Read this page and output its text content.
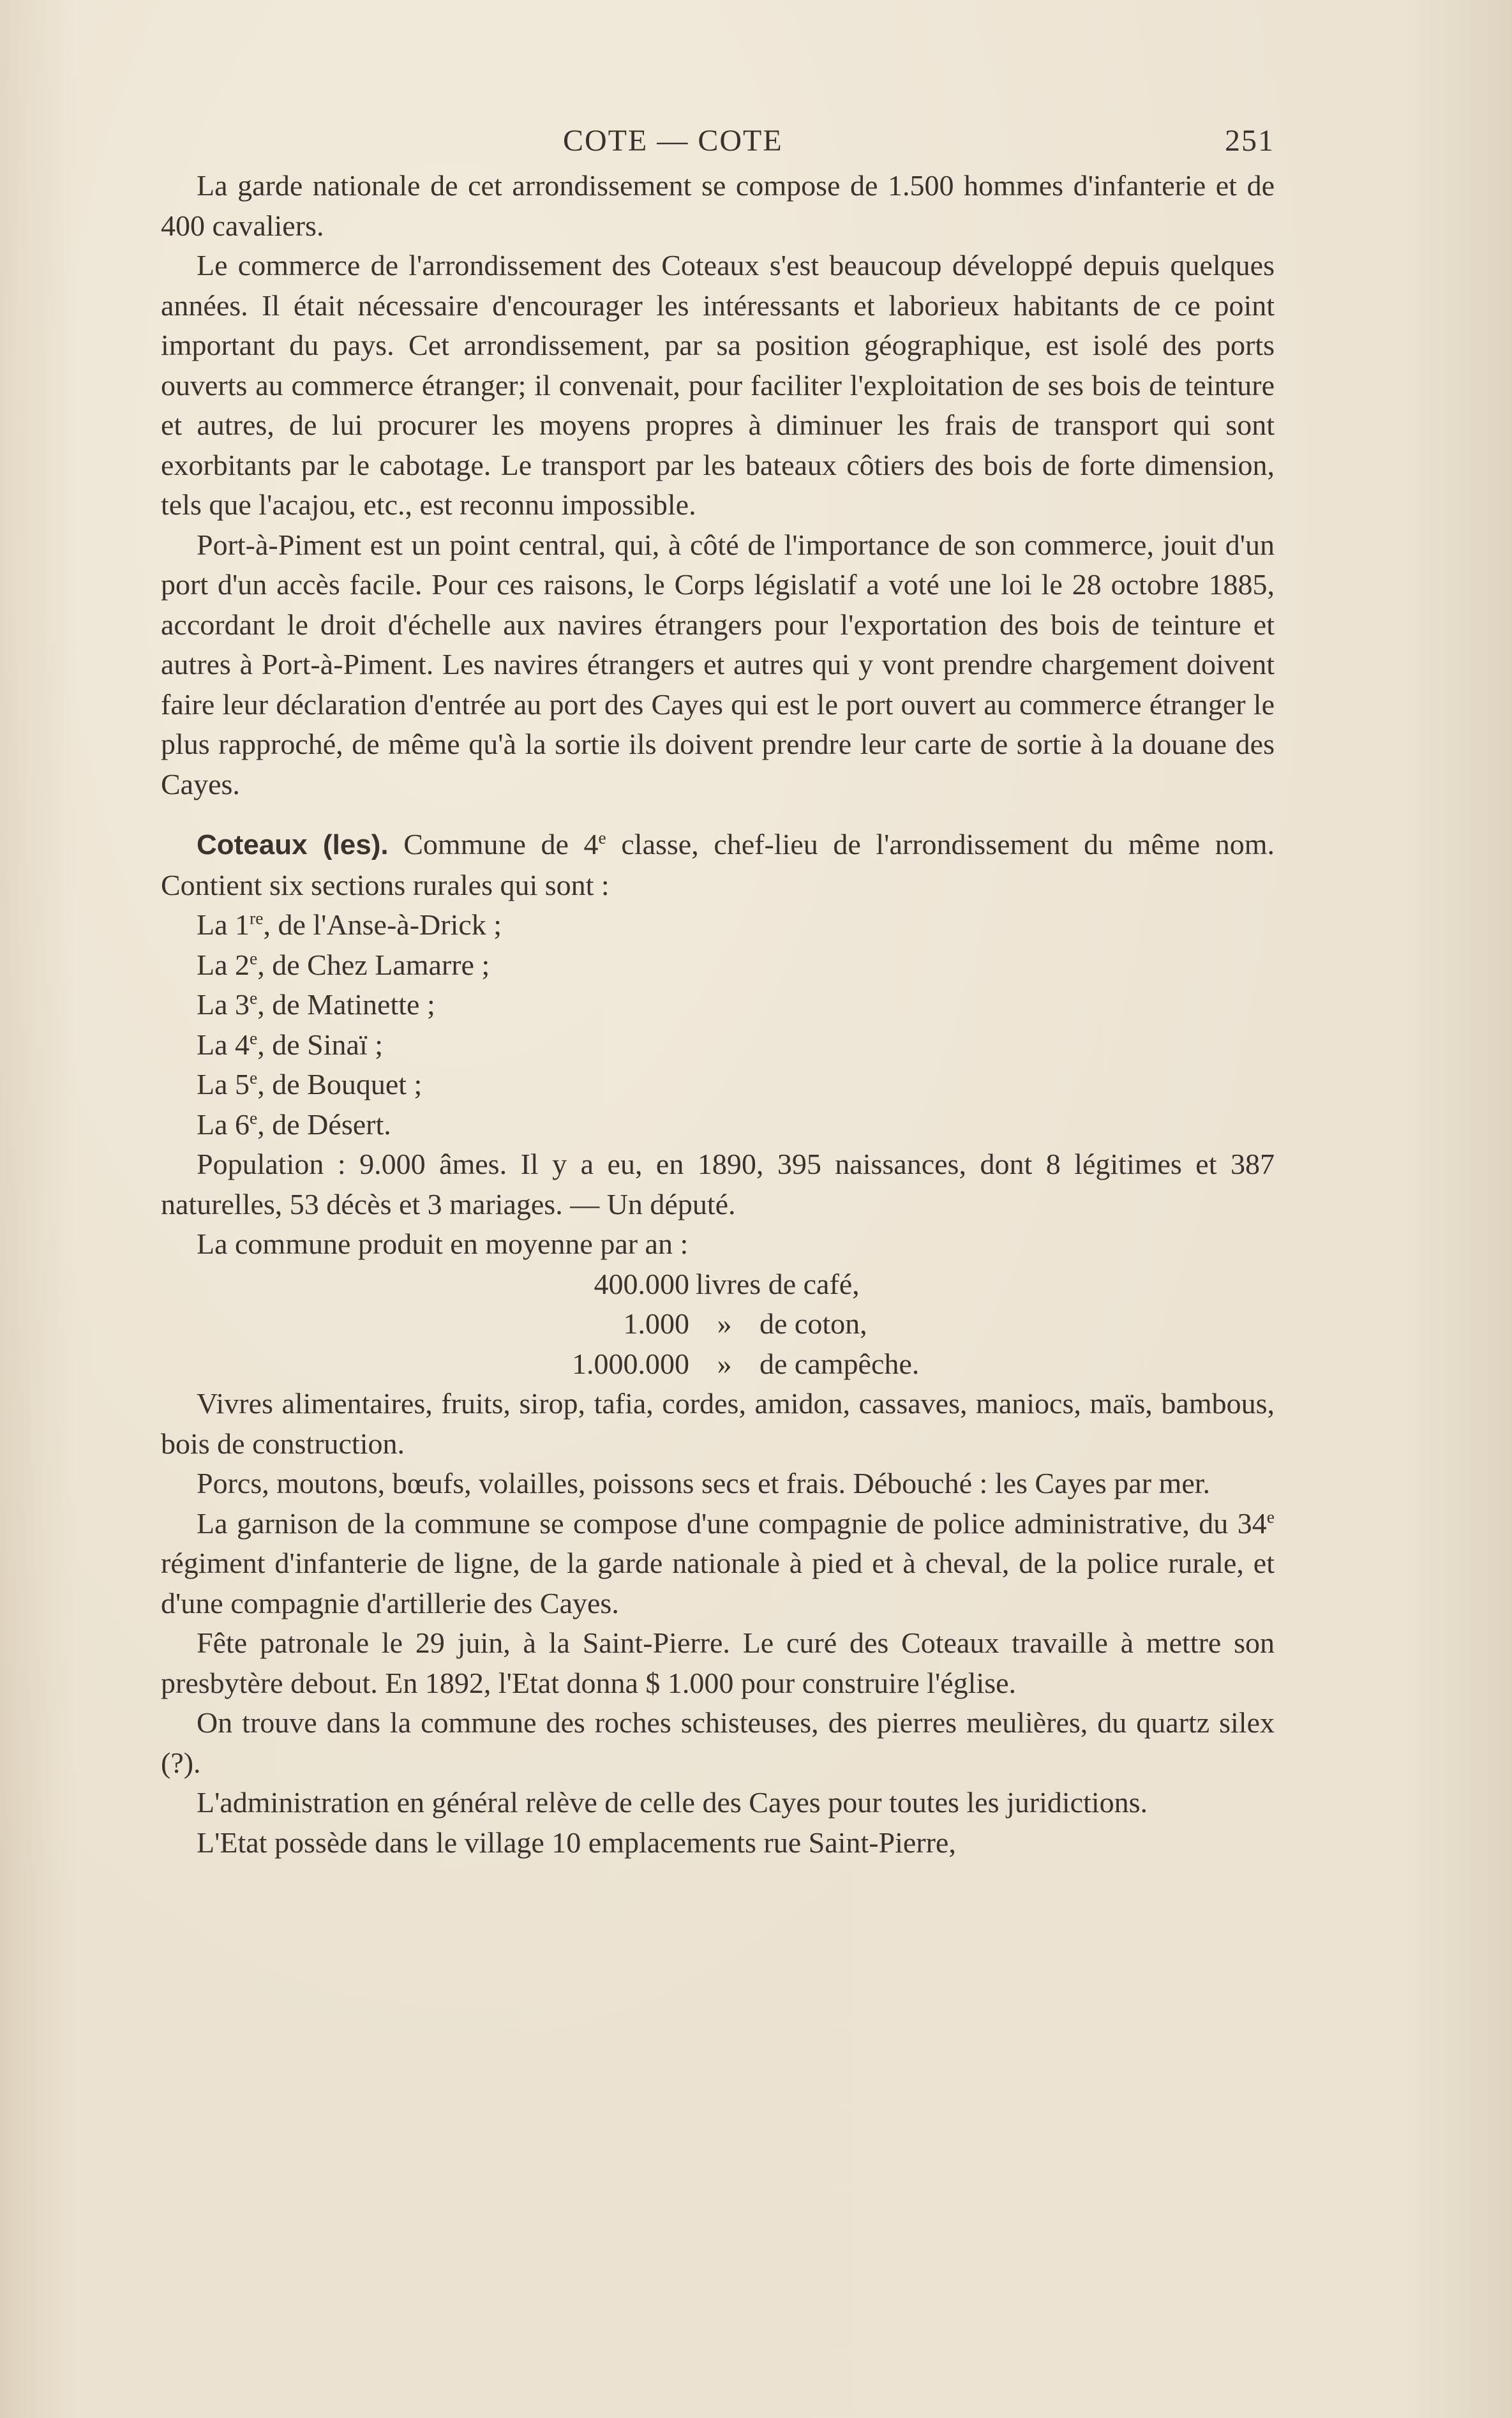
COTE — COTE	251

La garde nationale de cet arrondissement se compose de 1.500 hommes d'infanterie et de 400 cavaliers.

Le commerce de l'arrondissement des Coteaux s'est beaucoup développé depuis quelques années. Il était nécessaire d'encourager les intéressants et laborieux habitants de ce point important du pays. Cet arrondissement, par sa position géographique, est isolé des ports ouverts au commerce étranger; il convenait, pour faciliter l'exploitation de ses bois de teinture et autres, de lui procurer les moyens propres à diminuer les frais de transport qui sont exorbitants par le cabotage. Le transport par les bateaux côtiers des bois de forte dimension, tels que l'acajou, etc., est reconnu impossible.

Port-à-Piment est un point central, qui, à côté de l'importance de son commerce, jouit d'un port d'un accès facile. Pour ces raisons, le Corps législatif a voté une loi le 28 octobre 1885, accordant le droit d'échelle aux navires étrangers pour l'exportation des bois de teinture et autres à Port-à-Piment. Les navires étrangers et autres qui y vont prendre chargement doivent faire leur déclaration d'entrée au port des Cayes qui est le port ouvert au commerce étranger le plus rapproché, de même qu'à la sortie ils doivent prendre leur carte de sortie à la douane des Cayes.

Coteaux (les). Commune de 4e classe, chef-lieu de l'arrondissement du même nom. Contient six sections rurales qui sont :

La 1re, de l'Anse-à-Drick ;
La 2e, de Chez Lamarre ;
La 3e, de Matinette ;
La 4e, de Sinaï ;
La 5e, de Bouquet ;
La 6e, de Désert.

Population : 9.000 âmes. Il y a eu, en 1890, 395 naissances, dont 8 légitimes et 387 naturelles, 53 décès et 3 mariages. — Un député.

La commune produit en moyenne par an :

400.000 livres de café,
1.000 » de coton,
1.000.000 » de campêche.

Vivres alimentaires, fruits, sirop, tafia, cordes, amidon, cassaves, maniocs, maïs, bambous, bois de construction.

Porcs, moutons, bœufs, volailles, poissons secs et frais. Débouché : les Cayes par mer.

La garnison de la commune se compose d'une compagnie de police administrative, du 34e régiment d'infanterie de ligne, de la garde nationale à pied et à cheval, de la police rurale, et d'une compagnie d'artillerie des Cayes.

Fête patronale le 29 juin, à la Saint-Pierre. Le curé des Coteaux travaille à mettre son presbytère debout. En 1892, l'Etat donna $ 1.000 pour construire l'église.

On trouve dans la commune des roches schisteuses, des pierres meulières, du quartz silex (?).

L'administration en général relève de celle des Cayes pour toutes les juridictions.

L'Etat possède dans le village 10 emplacements rue Saint-Pierre,
